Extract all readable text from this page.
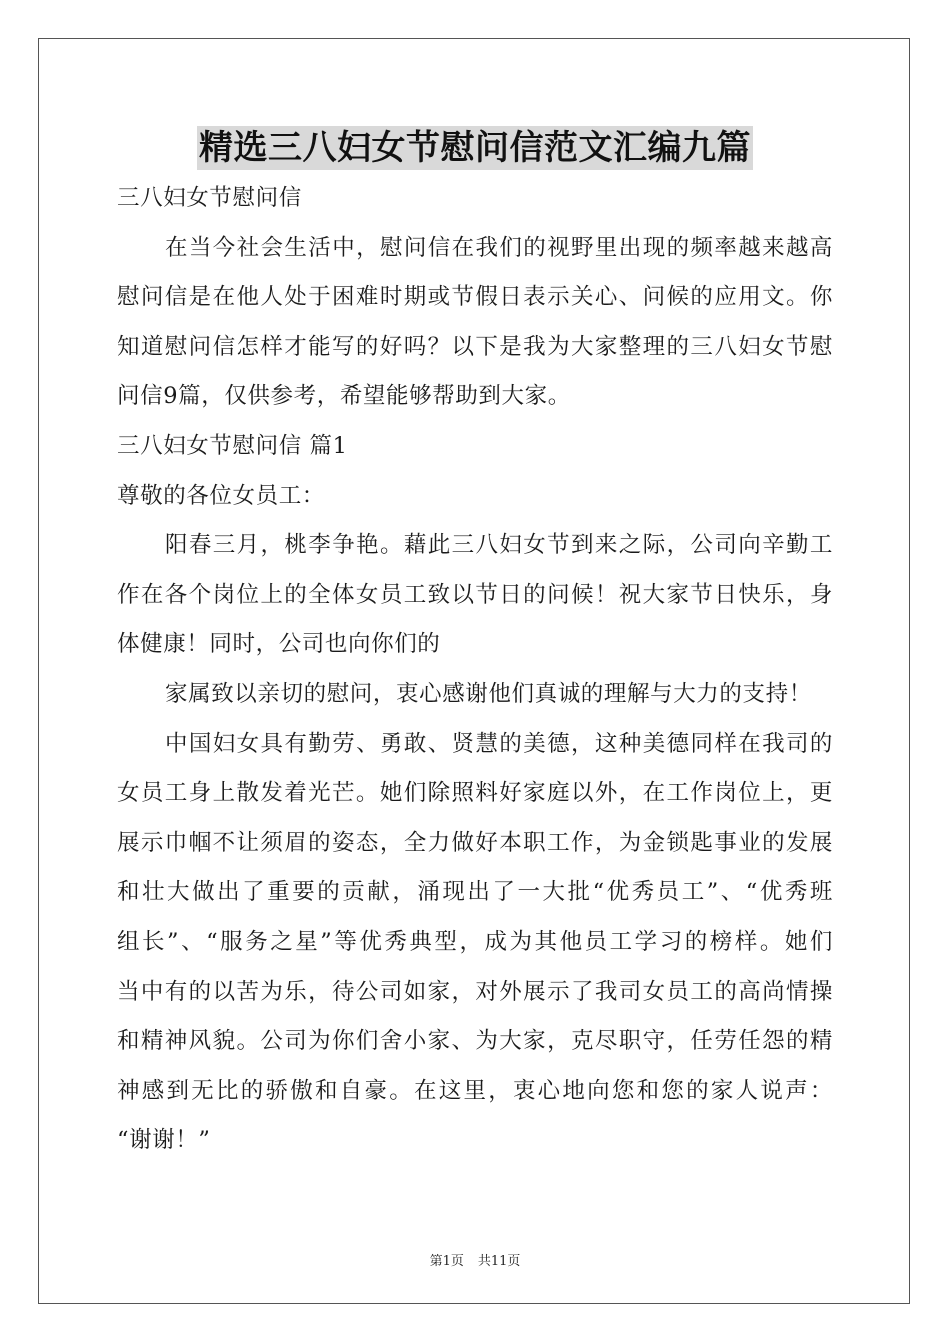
精选三八妇女节慰问信范文汇编九篇
三八妇女节慰问信
在当今社会生活中，慰问信在我们的视野里出现的频率越来越高
慰问信是在他人处于困难时期或节假日表示关心、问候的应用文。你
知道慰问信怎样才能写的好吗？以下是我为大家整理的三八妇女节慰
问信9篇，仅供参考，希望能够帮助到大家。
三八妇女节慰问信 篇1
尊敬的各位女员工：
阳春三月，桃李争艳。藉此三八妇女节到来之际，公司向辛勤工
作在各个岗位上的全体女员工致以节日的问候！祝大家节日快乐，身
体健康！同时，公司也向你们的
家属致以亲切的慰问，衷心感谢他们真诚的理解与大力的支持！
中国妇女具有勤劳、勇敢、贤慧的美德，这种美德同样在我司的
女员工身上散发着光芒。她们除照料好家庭以外，在工作岗位上，更
展示巾帼不让须眉的姿态，全力做好本职工作，为金锁匙事业的发展
和壮大做出了重要的贡献，涌现出了一大批“优秀员工”、“优秀班
组长”、“服务之星”等优秀典型，成为其他员工学习的榜样。她们
当中有的以苦为乐，待公司如家，对外展示了我司女员工的高尚情操
和精神风貌。公司为你们舍小家、为大家，克尽职守，任劳任怨的精
神感到无比的骄傲和自豪。在这里，衷心地向您和您的家人说声：
“谢谢！”
第1页 共11页
